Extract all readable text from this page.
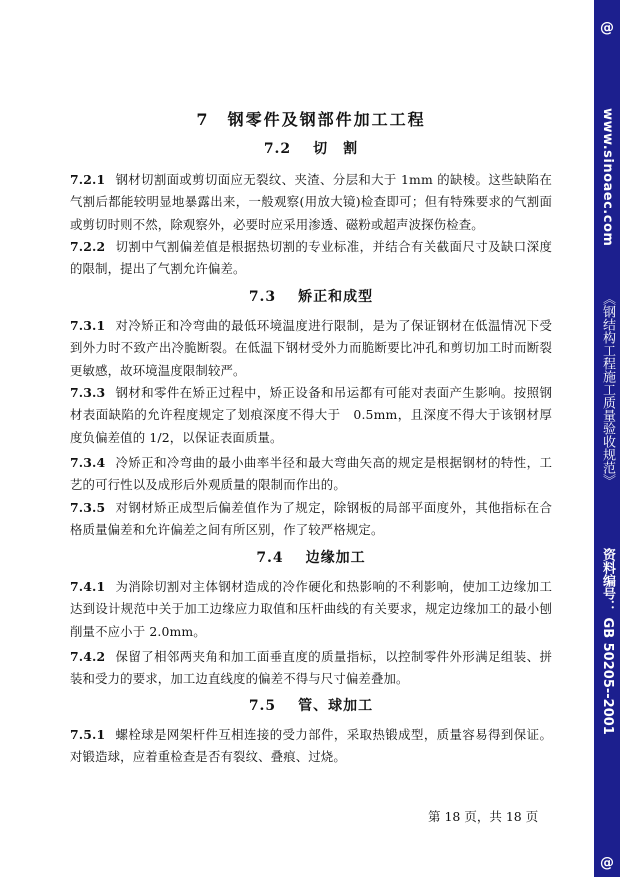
7 钢零件及钢部件加工工程
7.2 切　割
7.2.1 钢材切割面或剪切面应无裂纹、夹渣、分层和大于 1mm 的缺棱。这些缺陷在气割后都能较明显地暴露出来，一般观察(用放大镜)检查即可；但有特殊要求的气割面或剪切时则不然，除观察外，必要时应采用渗透、磁粉或超声波探伤检查。
7.2.2 切割中气割偏差值是根据热切割的专业标准，并结合有关截面尺寸及缺口深度的限制，提出了气割允许偏差。
7.3 矫正和成型
7.3.1 对冷矫正和冷弯曲的最低环境温度进行限制，是为了保证钢材在低温情况下受到外力时不致产出冷脆断裂。在低温下钢材受外力而脆断要比冲孔和剪切加工时而断裂更敏感，故环境温度限制较严。
7.3.3 钢材和零件在矫正过程中，矫正设备和吊运都有可能对表面产生影响。按照钢材表面缺陷的允许程度规定了划痕深度不得大于　0.5mm，且深度不得大于该钢材厚度负偏差值的 1/2，以保证表面质量。
7.3.4 冷矫正和冷弯曲的最小曲率半径和最大弯曲矢高的规定是根据钢材的特性，工艺的可行性以及成形后外观质量的限制而作出的。
7.3.5 对钢材矫正成型后偏差值作为了规定，除钢板的局部平面度外，其他指标在合格质量偏差和允许偏差之间有所区别，作了较严格规定。
7.4 边缘加工
7.4.1 为消除切割对主体钢材造成的冷作硬化和热影响的不利影响，使加工边缘加工达到设计规范中关于加工边缘应力取值和压杆曲线的有关要求，规定边缘加工的最小刨削量不应小于 2.0mm。
7.4.2 保留了相邻两夹角和加工面垂直度的质量指标，以控制零件外形满足组装、拼装和受力的要求，加工边直线度的偏差不得与尺寸偏差叠加。
7.5 管、球加工
7.5.1 螺栓球是网架杆件互相连接的受力部件，采取热锻成型，质量容易得到保证。对锻造球，应着重检查是否有裂纹、叠痕、过烧。
第 18 页，共 18 页
@
www.sinoaec.com
《钢结构工程施工质量验收规范》
资料编号： GB 50205--2001
@
